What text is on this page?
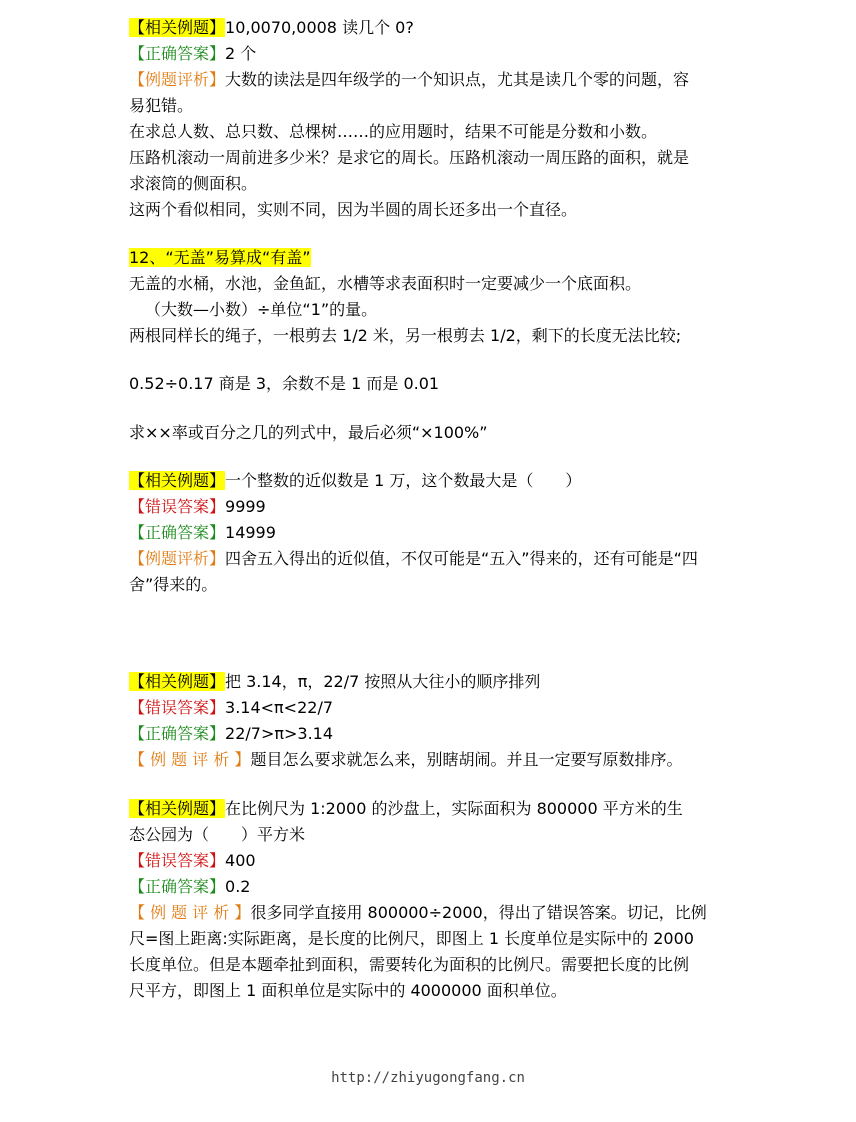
【相关例题】10,0070,0008 读几个 0?
【正确答案】2 个
【例题评析】大数的读法是四年级学的一个知识点，尤其是读几个零的问题，容
易犯错。
在求总人数、总只数、总棵树……的应用题时，结果不可能是分数和小数。
压路机滚动一周前进多少米？是求它的周长。压路机滚动一周压路的面积，就是
求滚筒的侧面积。
这两个看似相同，实则不同，因为半圆的周长还多出一个直径。
12、“无盖”易算成“有盖”
无盖的水桶，水池，金鱼缸，水槽等求表面积时一定要减少一个底面积。
（大数—小数）÷单位“1”的量。
两根同样长的绳子，一根剪去 1/2 米，另一根剪去 1/2，剩下的长度无法比较;
0.52÷0.17 商是 3，余数不是 1 而是 0.01
求××率或百分之几的列式中，最后必须“×100%”
【相关例题】一个整数的近似数是 1 万，这个数最大是（　　）
【错误答案】9999
【正确答案】14999
【例题评析】四舍五入得出的近似值，不仅可能是“五入”得来的，还有可能是“四
舍”得来的。
【相关例题】把 3.14，π，22/7 按照从大往小的顺序排列
【错误答案】3.14<π<22/7
【正确答案】22/7>π>3.14
【 例 题 评 析 】题目怎么要求就怎么来，别瞎胡闹。并且一定要写原数排序。
【相关例题】在比例尺为 1:2000 的沙盘上，实际面积为 800000 平方米的生
态公园为（　　）平方米
【错误答案】400
【正确答案】0.2
【 例 题 评 析 】很多同学直接用 800000÷2000，得出了错误答案。切记，比例
尺=图上距离:实际距离，是长度的比例尺，即图上 1 长度单位是实际中的 2000
长度单位。但是本题牵扯到面积，需要转化为面积的比例尺。需要把长度的比例
尺平方，即图上 1 面积单位是实际中的 4000000 面积单位。
http://zhiyugongfang.cn
